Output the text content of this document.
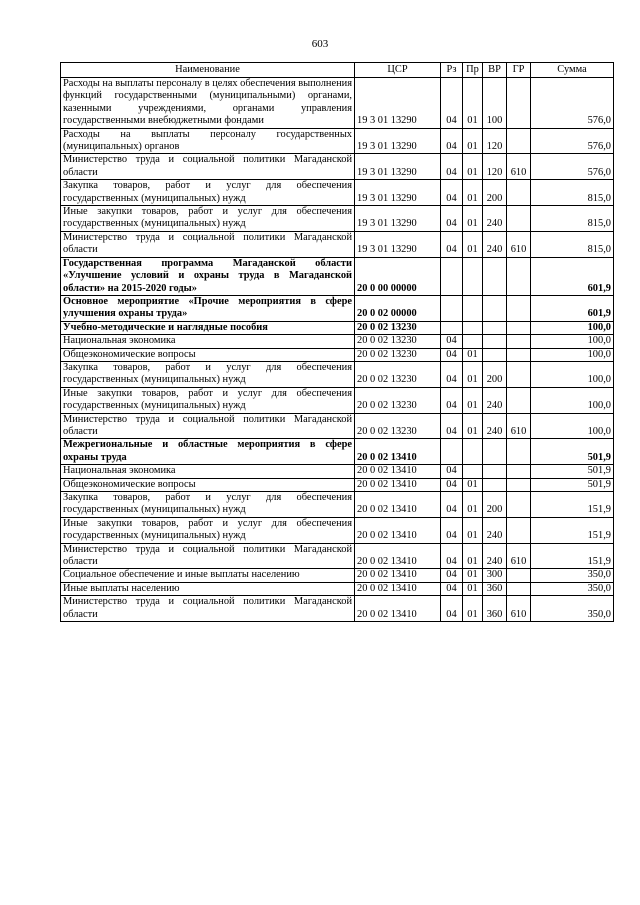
603
Наименование	ЦСР	Рз	Пр	ВР	ГР	Сумма
Расходы на выплаты персоналу в целях обеспечения выполнения функций государственными (муниципальными) органами, казенными учреждениями, органами управления государственными внебюджетными фондами	19 3 01 13290	04	01	100		576,0
Расходы на выплаты персоналу государственных (муниципальных) органов	19 3 01 13290	04	01	120		576,0
Министерство труда и социальной политики Магаданской области	19 3 01 13290	04	01	120	610	576,0
Закупка товаров, работ и услуг для обеспечения государственных (муниципальных) нужд	19 3 01 13290	04	01	200		815,0
Иные закупки товаров, работ и услуг для обеспечения государственных (муниципальных) нужд	19 3 01 13290	04	01	240		815,0
Министерство труда и социальной политики Магаданской области	19 3 01 13290	04	01	240	610	815,0
Государственная программа Магаданской области «Улучшение условий и охраны труда в Магаданской области» на 2015-2020 годы»	20 0 00 00000					601,9
Основное мероприятие «Прочие мероприятия в сфере улучшения охраны труда»	20 0 02 00000					601,9
Учебно-методические и наглядные пособия	20 0 02 13230					100,0
Национальная экономика	20 0 02 13230	04				100,0
Общеэкономические вопросы	20 0 02 13230	04	01			100,0
Закупка товаров, работ и услуг для обеспечения государственных (муниципальных) нужд	20 0 02 13230	04	01	200		100,0
Иные закупки товаров, работ и услуг для обеспечения государственных (муниципальных) нужд	20 0 02 13230	04	01	240		100,0
Министерство труда и социальной политики Магаданской области	20 0 02 13230	04	01	240	610	100,0
Межрегиональные и областные мероприятия в сфере охраны труда	20 0 02 13410					501,9
Национальная экономика	20 0 02 13410	04				501,9
Общеэкономические вопросы	20 0 02 13410	04	01			501,9
Закупка товаров, работ и услуг для обеспечения государственных (муниципальных) нужд	20 0 02 13410	04	01	200		151,9
Иные закупки товаров, работ и услуг для обеспечения государственных (муниципальных) нужд	20 0 02 13410	04	01	240		151,9
Министерство труда и социальной политики Магаданской области	20 0 02 13410	04	01	240	610	151,9
Социальное обеспечение и иные выплаты населению	20 0 02 13410	04	01	300		350,0
Иные выплаты населению	20 0 02 13410	04	01	360		350,0
Министерство труда и социальной политики Магаданской области	20 0 02 13410	04	01	360	610	350,0
